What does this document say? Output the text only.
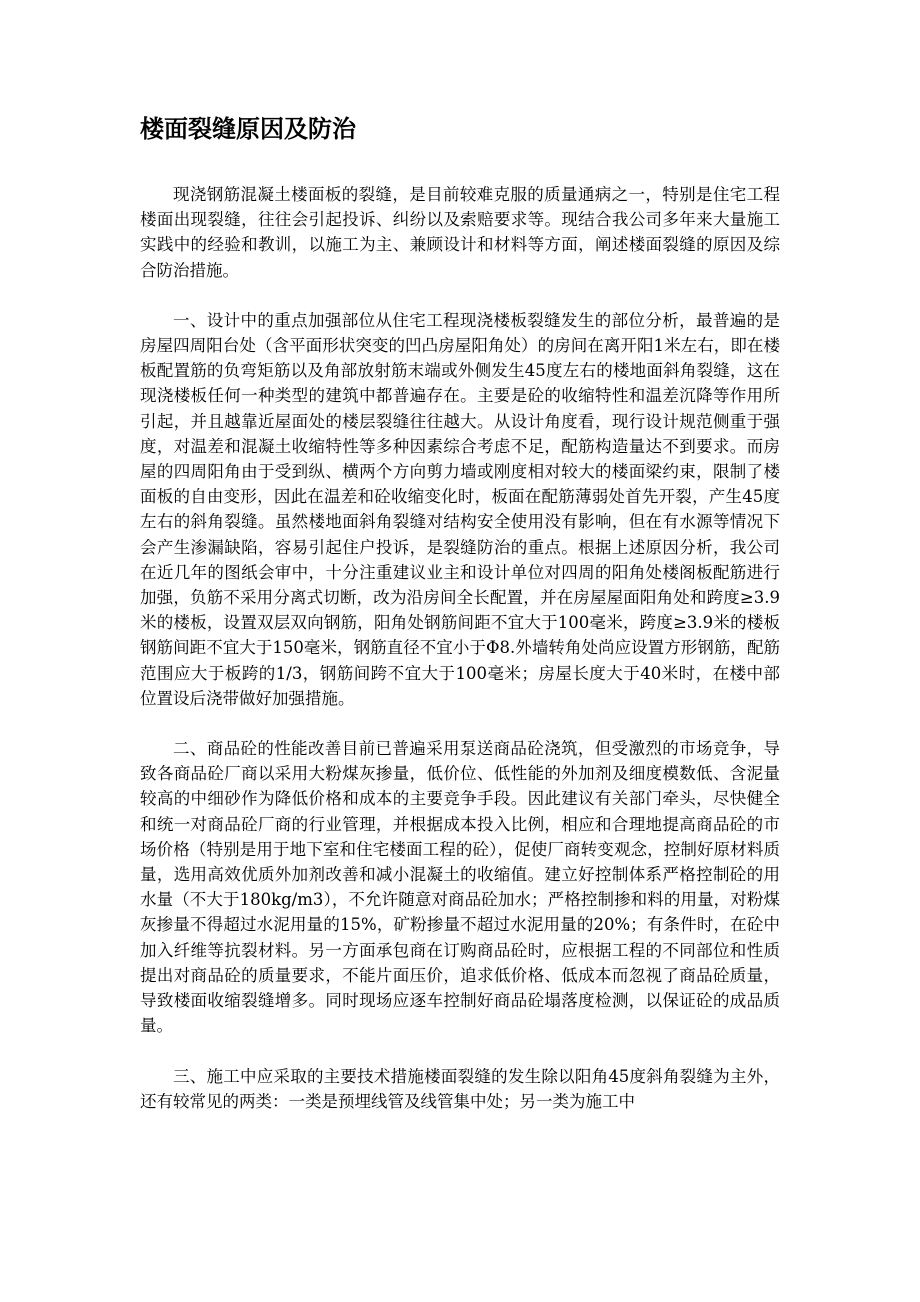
楼面裂缝原因及防治

现浇钢筋混凝土楼面板的裂缝，是目前较难克服的质量通病之一，特别是住宅工程楼面出现裂缝，往往会引起投诉、纠纷以及索赔要求等。现结合我公司多年来大量施工实践中的经验和教训，以施工为主、兼顾设计和材料等方面，阐述楼面裂缝的原因及综合防治措施。

一、设计中的重点加强部位从住宅工程现浇楼板裂缝发生的部位分析，最普遍的是房屋四周阳台处（含平面形状突变的凹凸房屋阳角处）的房间在离开阳1米左右，即在楼板配置筋的负弯矩筋以及角部放射筋末端或外侧发生45度左右的楼地面斜角裂缝，这在现浇楼板任何一种类型的建筑中都普遍存在。主要是砼的收缩特性和温差沉降等作用所引起，并且越靠近屋面处的楼层裂缝往往越大。从设计角度看，现行设计规范侧重于强度，对温差和混凝土收缩特性等多种因素综合考虑不足，配筋构造量达不到要求。而房屋的四周阳角由于受到纵、横两个方向剪力墙或刚度相对较大的楼面梁约束，限制了楼面板的自由变形，因此在温差和砼收缩变化时，板面在配筋薄弱处首先开裂，产生45度左右的斜角裂缝。虽然楼地面斜角裂缝对结构安全使用没有影响，但在有水源等情况下会产生渗漏缺陷，容易引起住户投诉，是裂缝防治的重点。根据上述原因分析，我公司在近几年的图纸会审中，十分注重建议业主和设计单位对四周的阳角处楼阁板配筋进行加强，负筋不采用分离式切断，改为沿房间全长配置，并在房屋屋面阳角处和跨度≥3.9米的楼板，设置双层双向钢筋，阳角处钢筋间距不宜大于100毫米，跨度≥3.9米的楼板钢筋间距不宜大于150毫米，钢筋直径不宜小于Φ8.外墙转角处尚应设置方形钢筋，配筋范围应大于板跨的1/3，钢筋间跨不宜大于100毫米；房屋长度大于40米时，在楼中部位置设后浇带做好加强措施。

二、商品砼的性能改善目前已普遍采用泵送商品砼浇筑，但受激烈的市场竞争，导致各商品砼厂商以采用大粉煤灰掺量，低价位、低性能的外加剂及细度模数低、含泥量较高的中细砂作为降低价格和成本的主要竞争手段。因此建议有关部门牵头，尽快健全和统一对商品砼厂商的行业管理，并根据成本投入比例，相应和合理地提高商品砼的市场价格（特别是用于地下室和住宅楼面工程的砼），促使厂商转变观念，控制好原材料质量，选用高效优质外加剂改善和减小混凝土的收缩值。建立好控制体系严格控制砼的用水量（不大于180kg/m3），不允许随意对商品砼加水；严格控制掺和料的用量，对粉煤灰掺量不得超过水泥用量的15%，矿粉掺量不超过水泥用量的20%；有条件时，在砼中加入纤维等抗裂材料。另一方面承包商在订购商品砼时，应根据工程的不同部位和性质提出对商品砼的质量要求，不能片面压价，追求低价格、低成本而忽视了商品砼质量，导致楼面收缩裂缝增多。同时现场应逐车控制好商品砼塌落度检测，以保证砼的成品质量。

三、施工中应采取的主要技术措施楼面裂缝的发生除以阳角45度斜角裂缝为主外，还有较常见的两类：一类是预埋线管及线管集中处；另一类为施工中
